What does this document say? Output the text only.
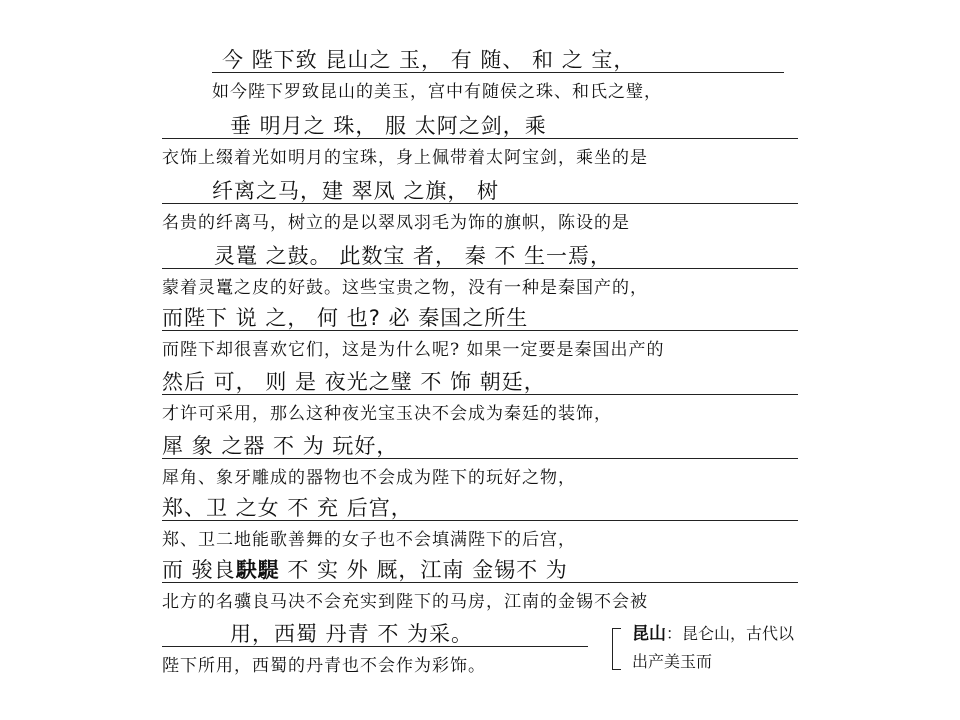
今 陛下致 昆山之 玉， 有 随、 和 之 宝，
如今陛下罗致昆山的美玉，宫中有随侯之珠、和氏之璧，
垂 明月之 珠， 服 太阿之剑，乘
衣饰上缀着光如明月的宝珠，身上佩带着太阿宝剑，乘坐的是
纤离之马，建 翠凤 之旗， 树
名贵的纤离马，树立的是以翠凤羽毛为饰的旗帜，陈设的是
灵鼍 之鼓。 此数宝 者， 秦 不 生一焉，
蒙着灵鼍之皮的好鼓。这些宝贵之物，没有一种是秦国产的，
而陛下 说 之， 何 也? 必 秦国之所生
而陛下却很喜欢它们，这是为什么呢? 如果一定要是秦国出产的
然后 可， 则 是 夜光之璧 不 饰 朝廷，
才许可采用，那么这种夜光宝玉决不会成为秦廷的装饰，
犀 象 之器 不 为 玩好，
犀角、象牙雕成的器物也不会成为陛下的玩好之物，
郑、卫 之女 不 充 后宫，
郑、卫二地能歌善舞的女子也不会填满陛下的后宫，
而 骏良駃騠 不 实 外 厩，江南 金锡不 为
北方的名骥良马决不会充实到陛下的马房，江南的金锡不会被
用，西蜀 丹青 不 为采。
陛下所用，西蜀的丹青也不会作为彩饰。
昆山：昆仑山，古代以出产美玉而
